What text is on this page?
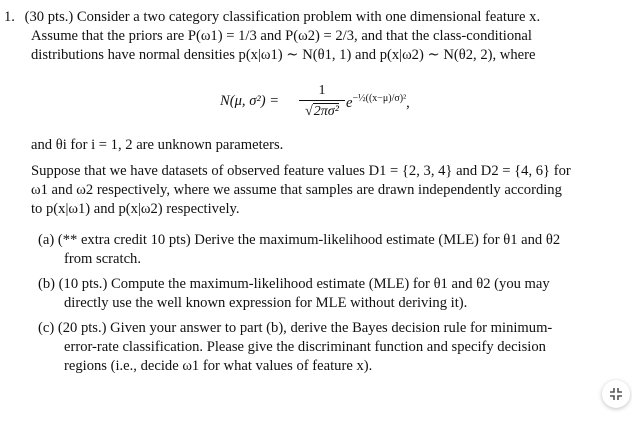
1. (30 pts.) Consider a two category classification problem with one dimensional feature x.
Assume that the priors are P(ω1) = 1/3 and P(ω2) = 2/3, and that the class-conditional
distributions have normal densities p(x|ω1) ∼ N(θ1, 1) and p(x|ω2) ∼ N(θ2, 2), where
N(μ, σ²) =
1
√2πσ²
$e^{-\frac{1}{2}((x-\mu)/\sigma)^2}$,
and θi for i = 1, 2 are unknown parameters.
Suppose that we have datasets of observed feature values D1 = {2, 3, 4} and D2 = {4, 6} for
ω1 and ω2 respectively, where we assume that samples are drawn independently according
to p(x|ω1) and p(x|ω2) respectively.
(a) (** extra credit 10 pts) Derive the maximum-likelihood estimate (MLE) for θ1 and θ2
from scratch.
(b) (10 pts.) Compute the maximum-likelihood estimate (MLE) for θ1 and θ2 (you may
directly use the well known expression for MLE without deriving it).
(c) (20 pts.) Given your answer to part (b), derive the Bayes decision rule for minimum-
error-rate classification. Please give the discriminant function and specify decision
regions (i.e., decide ω1 for what values of feature x).
